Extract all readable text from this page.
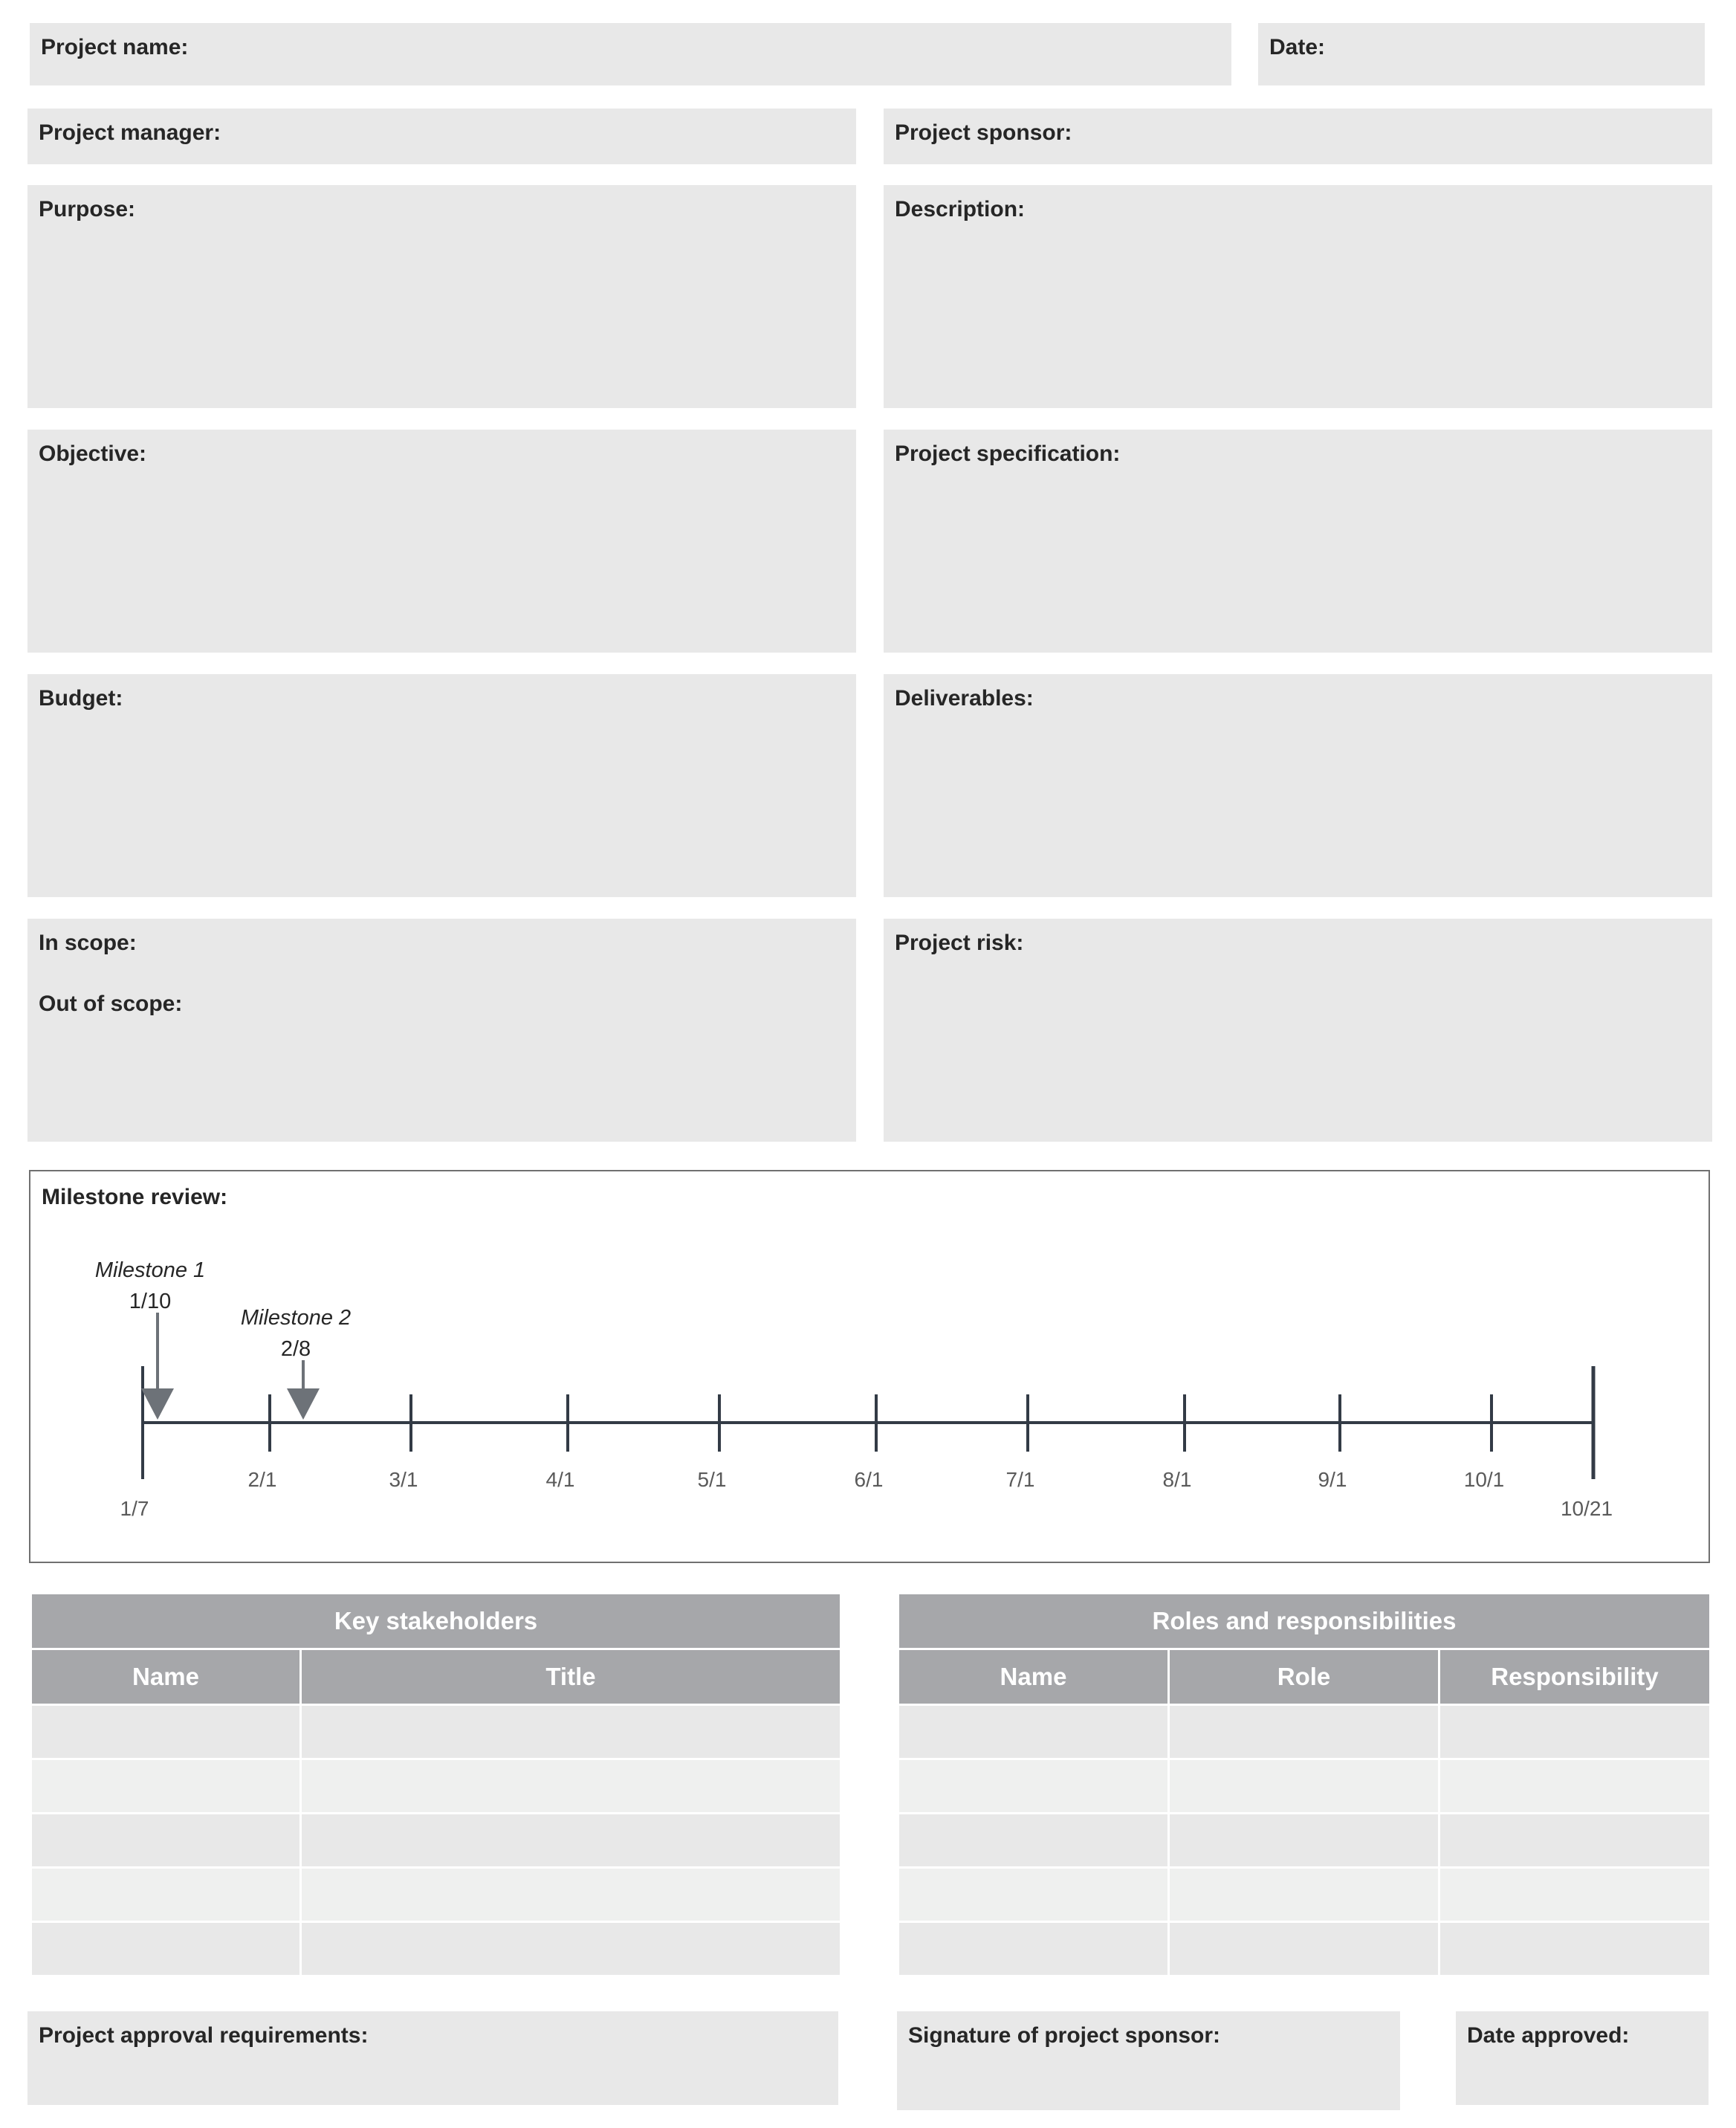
Project name:	Date:
Project manager:	Project sponsor:
Purpose:	Description:
Objective:	Project specification:
Budget:	Deliverables:
In scope:
Out of scope:
Project risk:
Milestone review:
2/1	3/1	4/1	5/1	6/1	7/1	8/1	9/1	10/1
1/7	10/21
Milestone 1
1/10
Milestone 2
2/8
Key stakeholders	
Name	Title

Roles and responsibilities		
Name	Role	Responsibility

Project approval requirements:	Signature of project sponsor:	Date approved:
